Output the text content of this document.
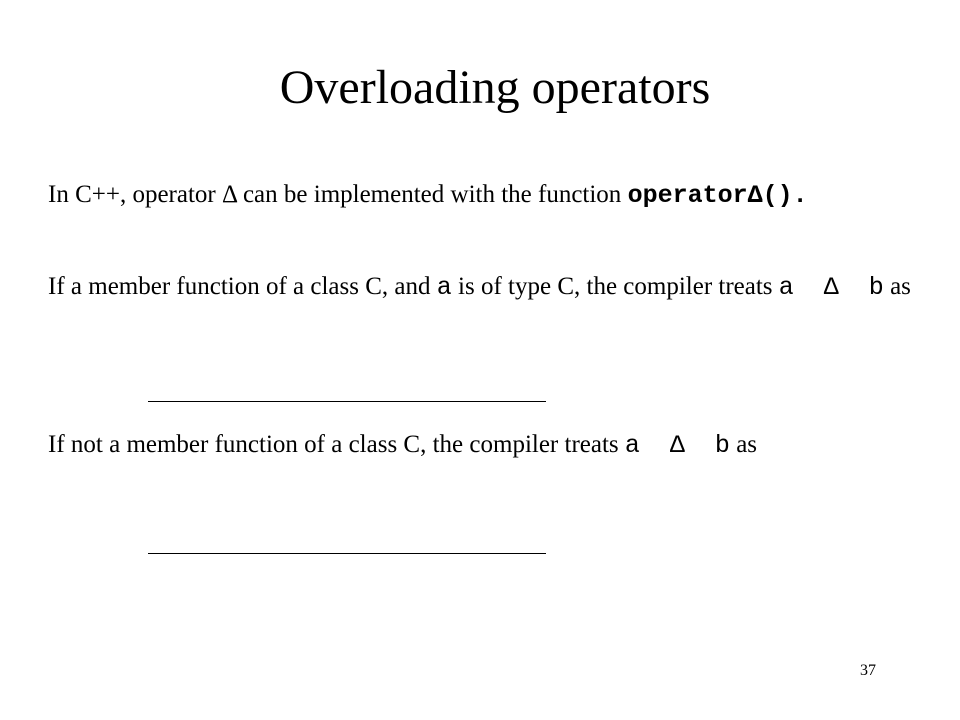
Overloading operators
In C++, operator Δ can be implemented with the function operatorΔ().
If a member function of a class C, and a is of type C, the compiler treats a  Δ  b as
If not a member function of a class C, the compiler treats a  Δ  b as
37
